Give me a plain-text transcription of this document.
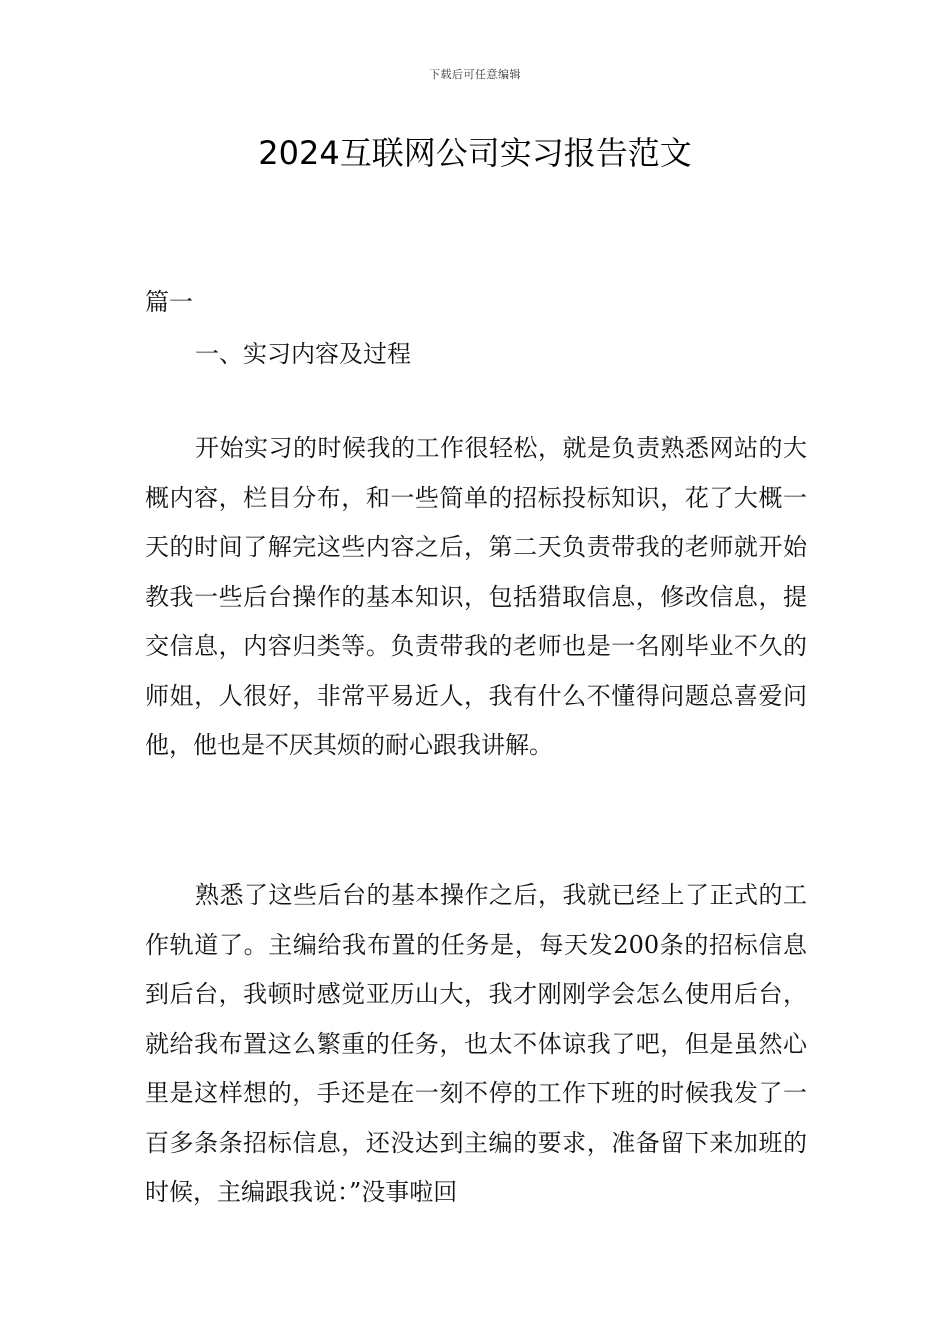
下载后可任意编辑
2024互联网公司实习报告范文

篇一

一、实习内容及过程

开始实习的时候我的工作很轻松，就是负责熟悉网站的大概内容，栏目分布，和一些简单的招标投标知识，花了大概一天的时间了解完这些内容之后，第二天负责带我的老师就开始教我一些后台操作的基本知识，包括猎取信息，修改信息，提交信息，内容归类等。负责带我的老师也是一名刚毕业不久的师姐，人很好，非常平易近人，我有什么不懂得问题总喜爱问他，他也是不厌其烦的耐心跟我讲解。

熟悉了这些后台的基本操作之后，我就已经上了正式的工作轨道了。主编给我布置的任务是，每天发200条的招标信息到后台，我顿时感觉亚历山大，我才刚刚学会怎么使用后台，就给我布置这么繁重的任务，也太不体谅我了吧，但是虽然心里是这样想的，手还是在一刻不停的工作下班的时候我发了一百多条条招标信息，还没达到主编的要求，准备留下来加班的时候，主编跟我说：”没事啦回
